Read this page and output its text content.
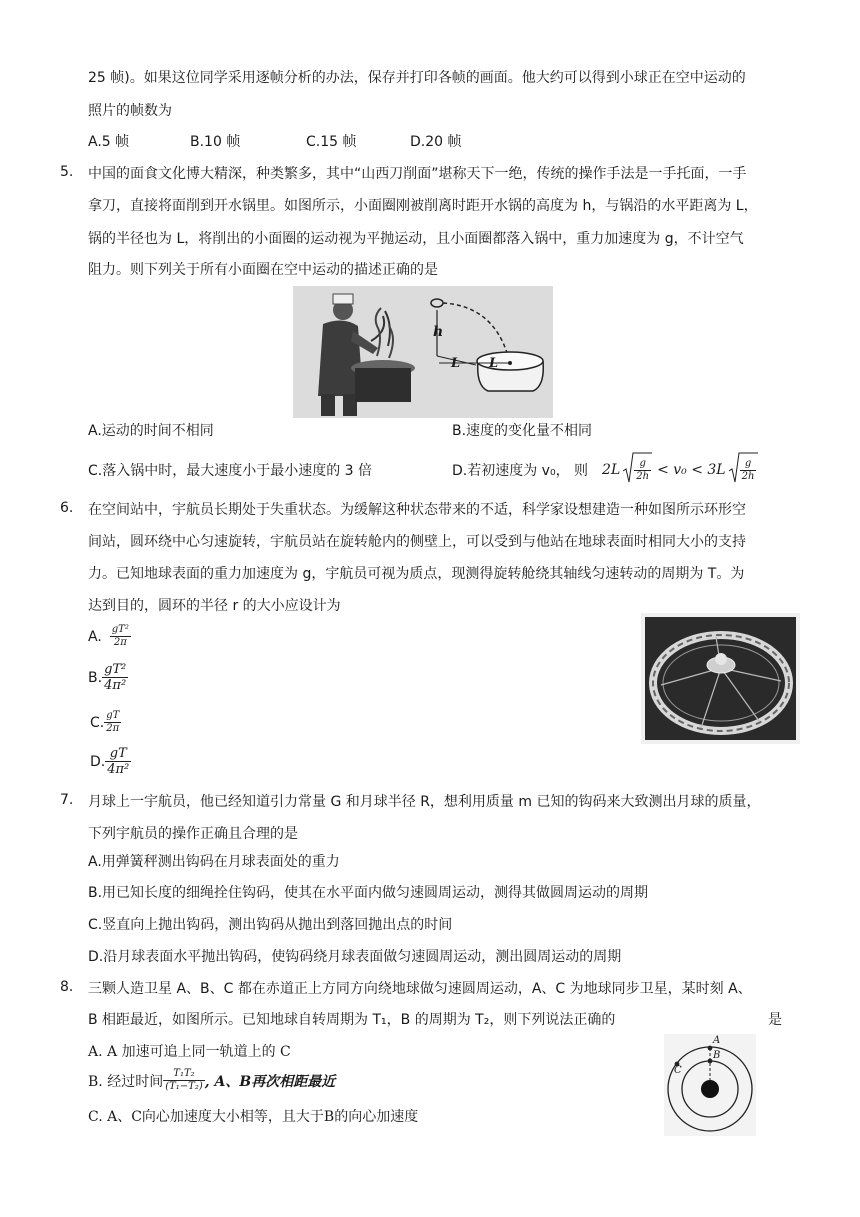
25 帧)。如果这位同学采用逐帧分析的办法，保存并打印各帧的画面。他大约可以得到小球正在空中运动的
照片的帧数为
A.5 帧	B.10 帧	C.15 帧	D.20 帧
5. 中国的面食文化博大精深，种类繁多，其中“山西刀削面”堪称天下一绝，传统的操作手法是一手托面，一手
拿刀，直接将面削到开水锅里。如图所示，小面圈刚被削离时距开水锅的高度为 h，与锅沿的水平距离为 L，
锅的半径也为 L，将削出的小面圈的运动视为平抛运动，且小面圈都落入锅中，重力加速度为 g，不计空气
阻力。则下列关于所有小面圈在空中运动的描述正确的是
h
L L
A.运动的时间不相同	B.速度的变化量不相同
C.落入锅中时，最大速度小于最小速度的 3 倍	D.若初速度为 v₀， 则 $2L \frac{g}{2h} < v_0 < 3L \frac{g}{2h}$
6. 在空间站中，宇航员长期处于失重状态。为缓解这种状态带来的不适，科学家设想建造一种如图所示环形空
间站，圆环绕中心匀速旋转，宇航员站在旋转舱内的侧壁上，可以受到与他站在地球表面时相同大小的支持
力。已知地球表面的重力加速度为 g，宇航员可视为质点，现测得旋转舱绕其轴线匀速转动的周期为 T。为
达到目的，圆环的半径 r 的大小应设计为
A. $\frac{\text{gT²}}{2\pi}$
B. $\frac{\text{gT²}}{\text{4π²}}$
C. $\frac{gT}{2\pi}$
D. $\frac{gT}{\text{4π²}}$
7. 月球上一宇航员，他已经知道引力常量 G 和月球半径 R，想利用质量 m 已知的钩码来大致测出月球的质量，
下列宇航员的操作正确且合理的是
A.用弹簧秤测出钩码在月球表面处的重力
B.用已知长度的细绳拴住钩码，使其在水平面内做匀速圆周运动，测得其做圆周运动的周期
C.竖直向上抛出钩码，测出钩码从抛出到落回抛出点的时间
D.沿月球表面水平抛出钩码，使钩码绕月球表面做匀速圆周运动，测出圆周运动的周期
8. 三颗人造卫星 A、B、C 都在赤道正上方同方向绕地球做匀速圆周运动，A、C 为地球同步卫星，某时刻 A、
B 相距最近，如图所示。已知地球自转周期为 T₁，B 的周期为 T₂，则下列说法正确的	是
A. A 加速可追上同一轨道上的 C
B. 经过时间 $\frac{\text{T₁T₂}}{\text{(T₁−T₂)}}$ , A、B再次相距最近
C. A、C向心加速度大小相等，且大于B的向心加速度
A
B
C
